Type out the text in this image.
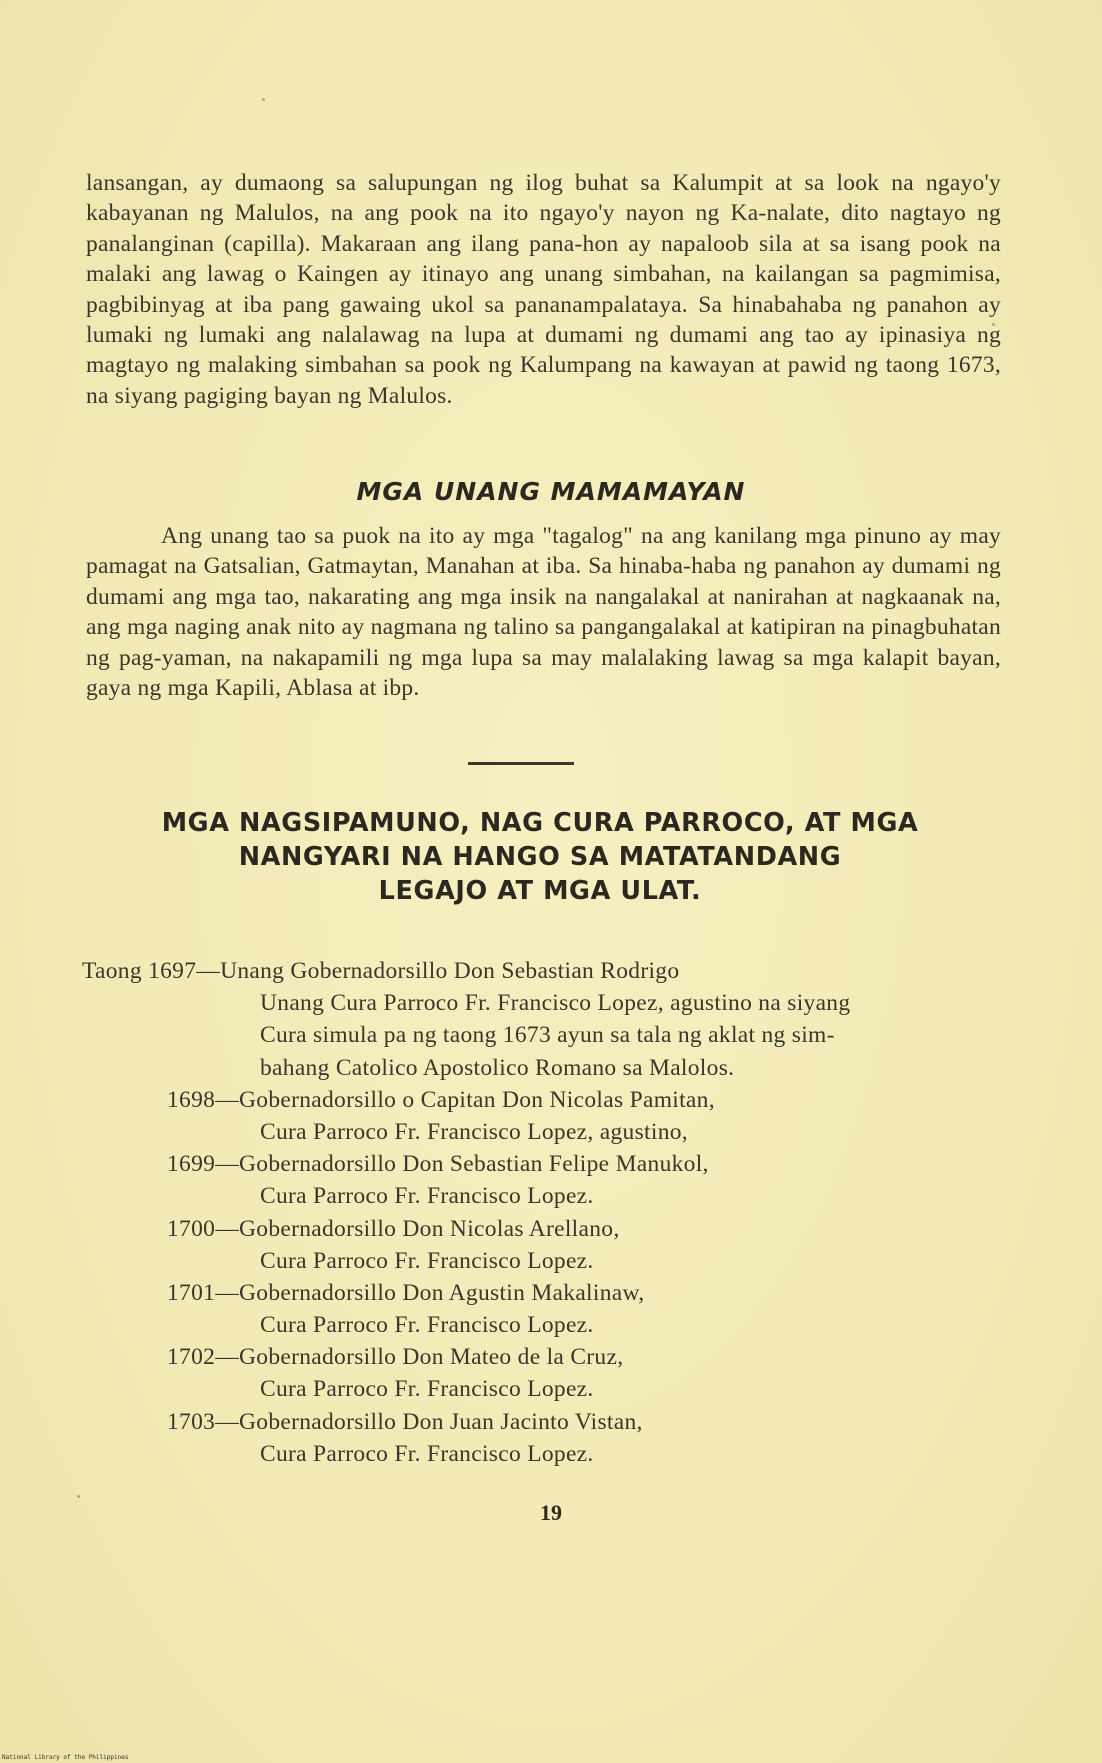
lansangan, ay dumaong sa salupungan ng ilog buhat sa Kalumpit at sa look na ngayo'y kabayanan ng Malulos, na ang pook na ito ngayo'y nayon ng Ka-nalate, dito nagtayo ng panalanginan (capilla). Makaraan ang ilang pana-hon ay napaloob sila at sa isang pook na malaki ang lawag o Kaingen ay itinayo ang unang simbahan, na kailangan sa pagmimisa, pagbibinyag at iba pang gawaing ukol sa pananampalataya. Sa hinabahaba ng panahon ay lumaki ng lumaki ang nalalawag na lupa at dumami ng dumami ang tao ay ipinasiya ng magtayo ng malaking simbahan sa pook ng Kalumpang na kawayan at pawid ng taong 1673, na siyang pagiging bayan ng Malulos.
MGA UNANG MAMAMAYAN
Ang unang tao sa puok na ito ay mga "tagalog" na ang kanilang mga pinuno ay may pamagat na Gatsalian, Gatmaytan, Manahan at iba. Sa hinaba-haba ng panahon ay dumami ng dumami ang mga tao, nakarating ang mga insik na nangalakal at nanirahan at nagkaanak na, ang mga naging anak nito ay nagmana ng talino sa pangangalakal at katipiran na pinagbuhatan ng pag-yaman, na nakapamili ng mga lupa sa may malalaking lawag sa mga kalapit bayan, gaya ng mga Kapili, Ablasa at ibp.
MGA NAGSIPAMUNO, NAG CURA PARROCO, AT MGA
NANGYARI NA HANGO SA MATATANDANG
LEGAJO AT MGA ULAT.
Taong 1697—Unang Gobernadorsillo Don Sebastian Rodrigo
Unang Cura Parroco Fr. Francisco Lopez, agustino na siyang
Cura simula pa ng taong 1673 ayun sa tala ng aklat ng sim-
bahang Catolico Apostolico Romano sa Malolos.
1698—Gobernadorsillo o Capitan Don Nicolas Pamitan,
Cura Parroco Fr. Francisco Lopez, agustino,
1699—Gobernadorsillo Don Sebastian Felipe Manukol,
Cura Parroco Fr. Francisco Lopez.
1700—Gobernadorsillo Don Nicolas Arellano,
Cura Parroco Fr. Francisco Lopez.
1701—Gobernadorsillo Don Agustin Makalinaw,
Cura Parroco Fr. Francisco Lopez.
1702—Gobernadorsillo Don Mateo de la Cruz,
Cura Parroco Fr. Francisco Lopez.
1703—Gobernadorsillo Don Juan Jacinto Vistan,
Cura Parroco Fr. Francisco Lopez.
19
National Library of the Philippines
